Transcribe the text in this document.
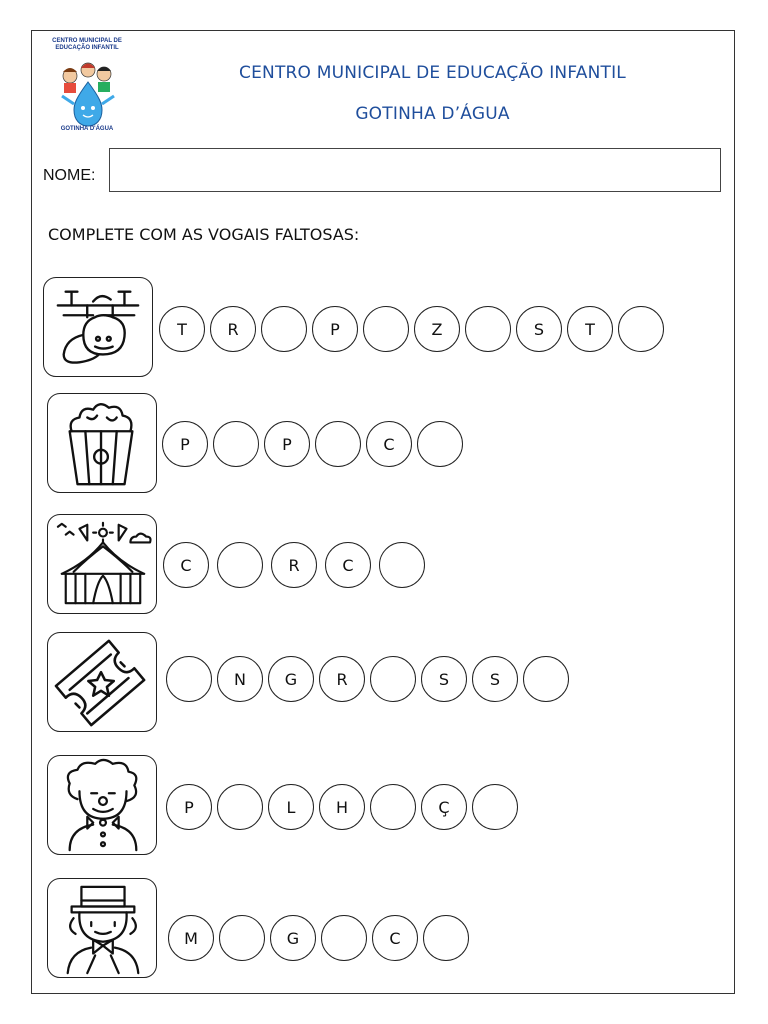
CENTRO MUNICIPAL DE EDUCAÇÃO INFANTIL
GOTINHA D'ÁGUA
CENTRO MUNICIPAL DE EDUCAÇÃO INFANTIL
GOTINHA D’ÁGUA
NOME:
COMPLETE COM AS VOGAIS FALTOSAS:
T	R	P	Z	S	T
P	P	C
C	R	C
N	G	R	S	S
P	L	H	Ç
M	G	C
